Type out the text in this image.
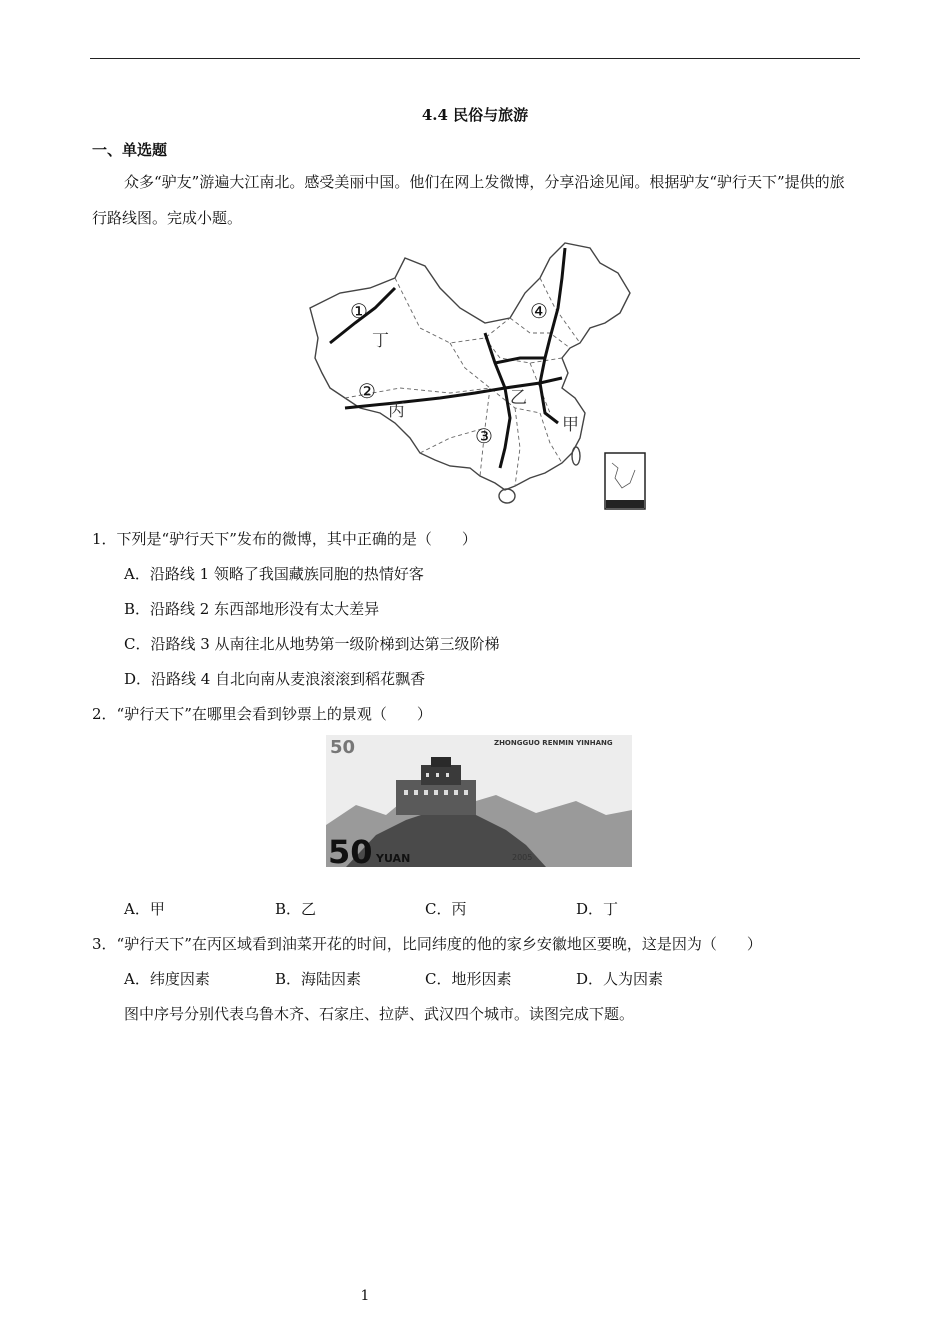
4.4 民俗与旅游
一、单选题
众多“驴友”游遍大江南北。感受美丽中国。他们在网上发微博，分享沿途见闻。根据驴友“驴行天下”提供的旅行路线图。完成小题。
①
②
③
④
丁
丙
乙
甲
1．下列是“驴行天下”发布的微博，其中正确的是（　　）
A．沿路线 1 领略了我国藏族同胞的热情好客
B．沿路线 2 东西部地形没有太大差异
C．沿路线 3 从南往北从地势第一级阶梯到达第三级阶梯
D．沿路线 4 自北向南从麦浪滚滚到稻花飘香
2．“驴行天下”在哪里会看到钞票上的景观（　　）
50	ZHONGGUO RENMIN YINHANG
50 YUAN	2005
A．甲	B．乙	C．丙	D．丁
3．“驴行天下”在丙区域看到油菜开花的时间，比同纬度的他的家乡安徽地区要晚，这是因为（　　）
A．纬度因素	B．海陆因素	C．地形因素	D．人为因素
图中序号分别代表乌鲁木齐、石家庄、拉萨、武汉四个城市。读图完成下题。
1
